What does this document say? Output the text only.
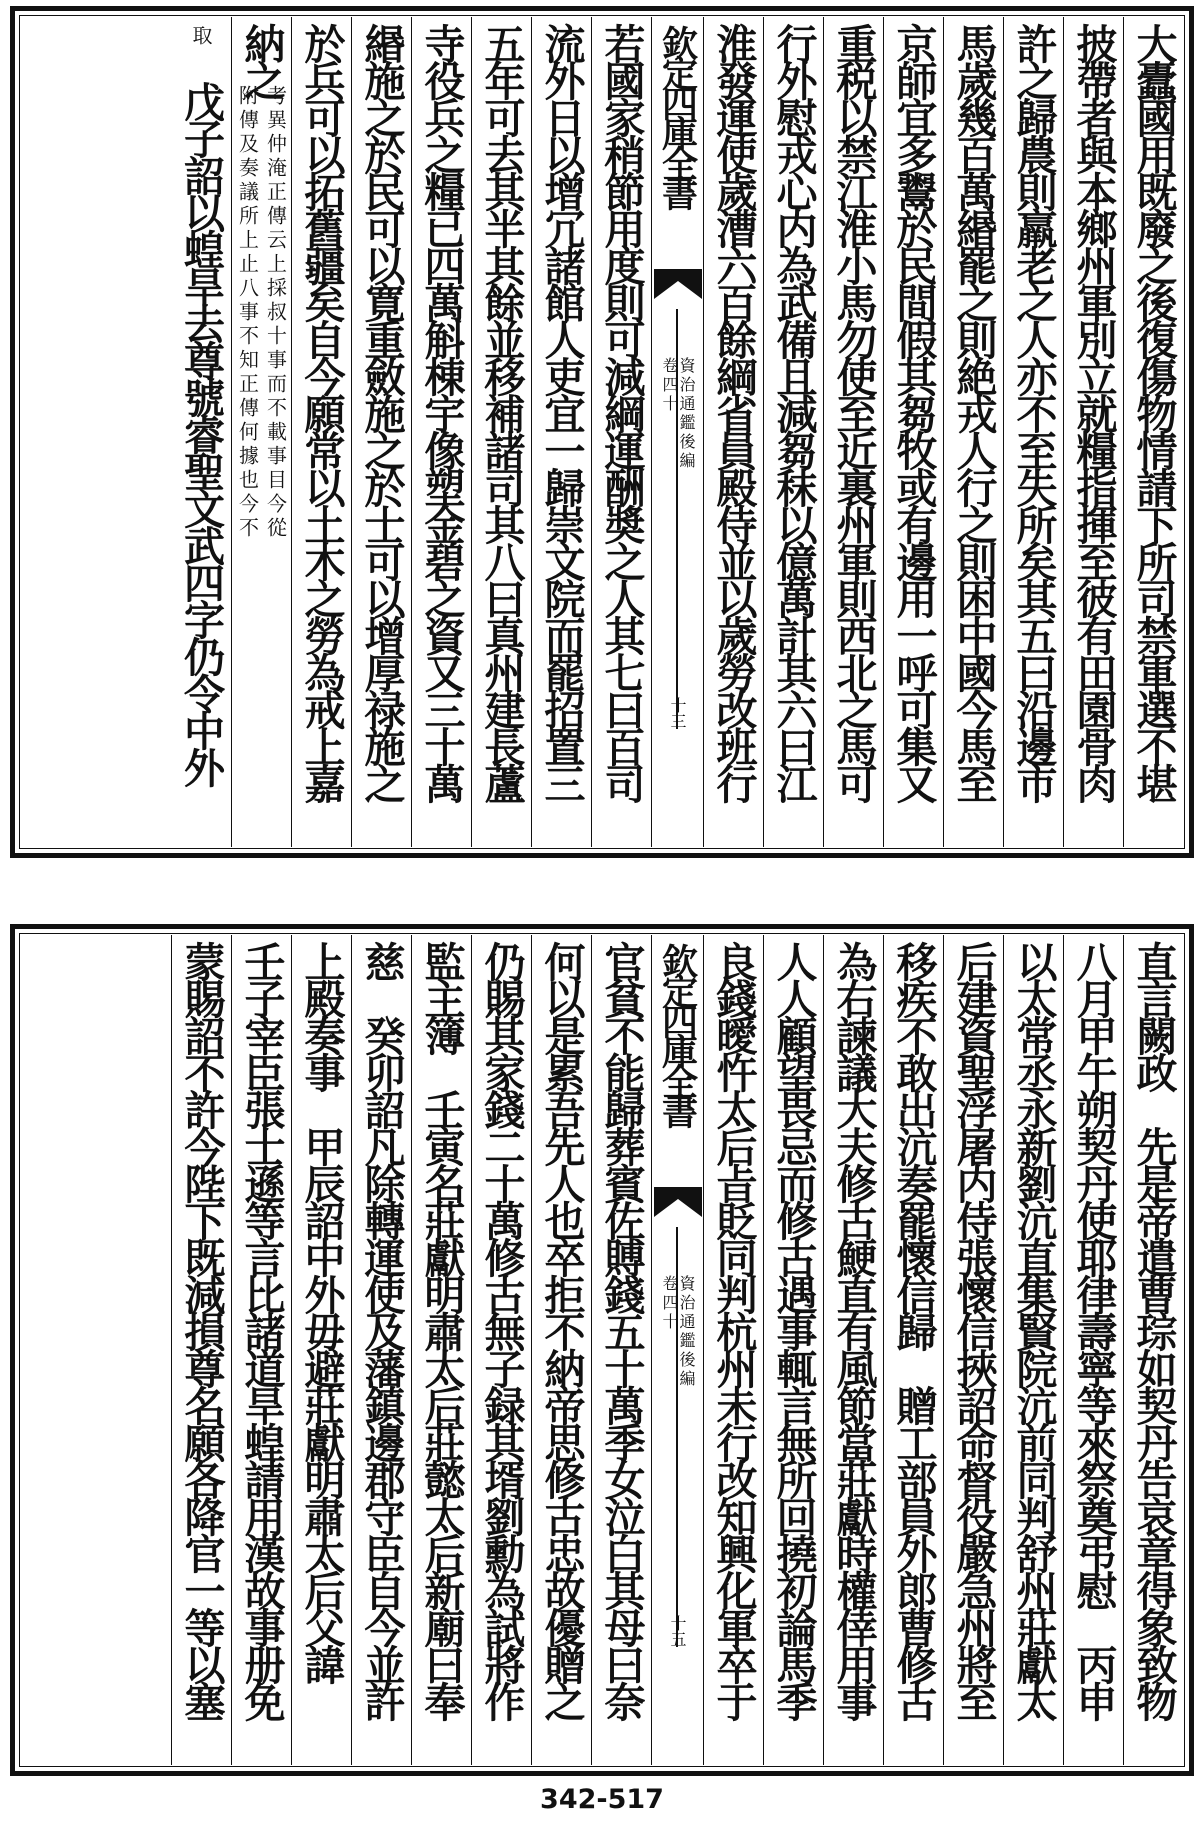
大蠹國用既廢之後復傷物情請下所司禁軍選不堪
披帶者與本鄉州軍別立就糧指揮至彼有田園骨肉
許之歸農則羸老之人亦不至失所矣其五曰沿邊市
馬歲幾百萬緡罷之則絶戎人行之則困中國今馬至
京師宜多鬻於民間假其芻牧或有邊用一呼可集又
重税以禁江淮小馬勿使至近裏州軍則西北之馬可
行外慰戎心内為武備且減芻秣以億萬計其六曰江
淮發運使歲漕六百餘綱省員殿侍並以歲勞改班行
欽定四庫全書
資治通鑑後編
卷四十
十三
若國家稍節用度則可減綱運酬奬之人其七曰百司
流外日以增冗諸館人吏宜一歸崇文院而罷招置三
五年可去其半其餘並移補諸司其八曰真州建長蘆
寺役兵之糧已四萬斛棟宇像塑金碧之資又三十萬
緡施之於民可以寛重斂施之於士可以增厚禄施之
於兵可以拓舊疆矣自今願常以土木之勞為戒上嘉
納之
考異仲淹正傳云上採叔十事而不載事目今從
附傳及奏議所上止八事不知正傳何據也今不
取
戊子詔以蝗旱去尊號睿聖文武四字仍令中外
直言闕政　先是帝遣曹琮如契丹告哀章得象致物
八月甲午朔契丹使耶律壽寧等來祭奠弔慰　丙申
以太常丞永新劉沆直集賢院沆前同判舒州莊獻太
后建資聖浮屠内侍張懷信挾詔命督役嚴急州將至
移疾不敢出沆奏罷懷信歸　贈工部員外郎曹修古
為右諫議大夫修古鯁直有風節當莊獻時權倖用事
人人顧望畏忌而修古遇事輒言無所回撓初論馬季
良錢曖忤太后㫖貶同判杭州未行改知興化軍卒于
欽定四庫全書
資治通鑑後編
卷四十
十五
官貧不能歸葬賓佐賻錢五十萬季女泣白其母曰奈
何以是累吾先人也卒拒不納帝思修古忠故優贈之
仍賜其家錢二十萬修古無子録其壻劉勳為試將作
監主簿　壬寅名莊獻明肅太后莊懿太后新廟曰奉
慈　癸卯詔凡除轉運使及藩鎮邊郡守臣自今並許
上殿奏事　甲辰詔中外毋避莊獻明肅太后父諱
壬子宰臣張士遜等言比諸道旱蝗請用漢故事册免
蒙賜詔不許今陛下既減損尊名願各降官一等以塞
342-517
